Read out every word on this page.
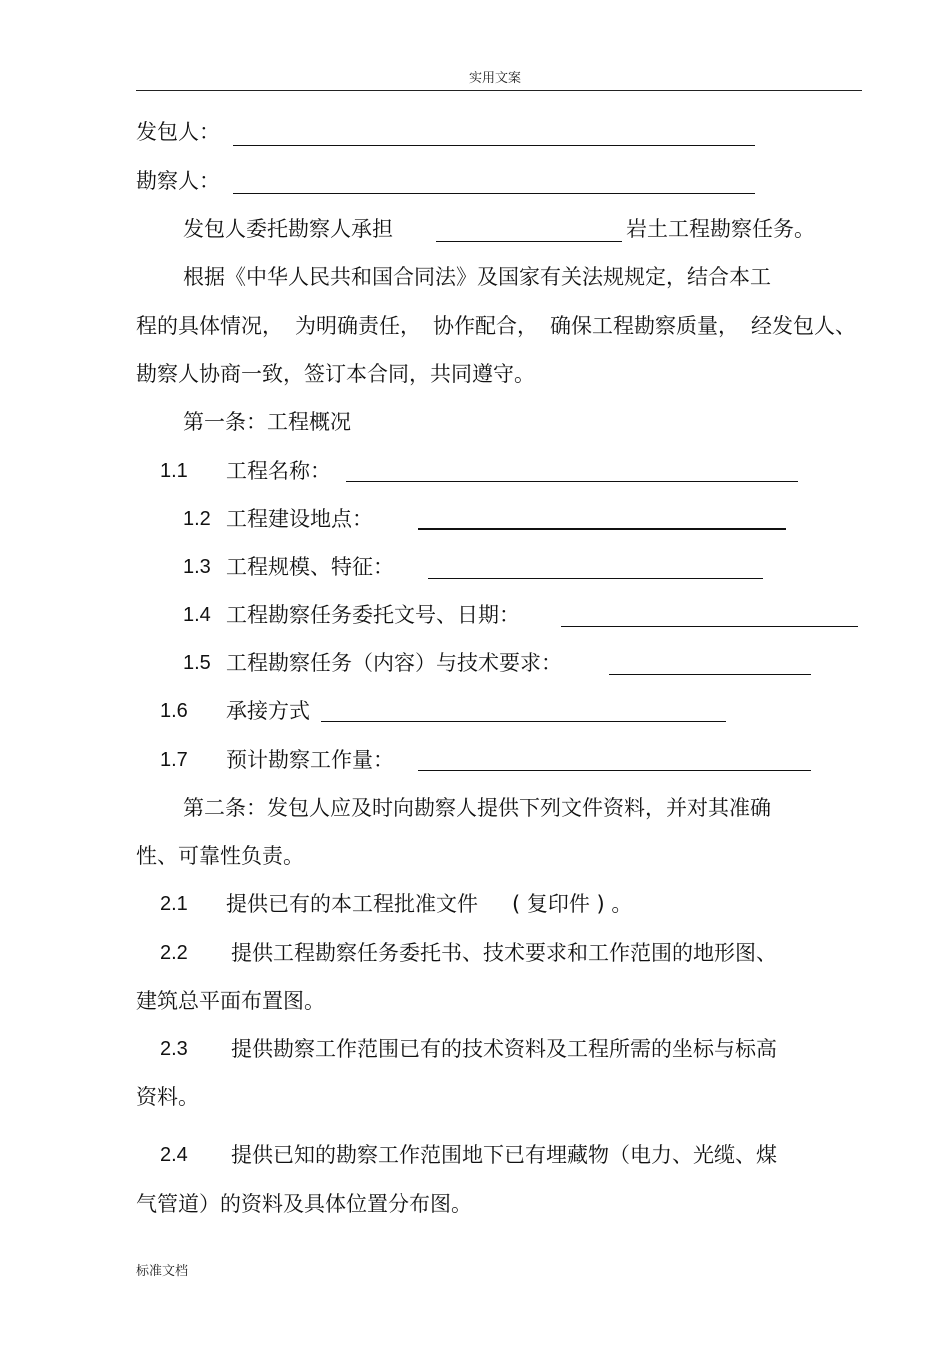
实用文案
发包人：
勘察人：
发包人委托勘察人承担	岩土工程勘察任务。
根据《中华人民共和国合同法》及国家有关法规规定，结合本工
程的具体情况， 为明确责任， 协作配合， 确保工程勘察质量， 经发包人、
勘察人协商一致，签订本合同，共同遵守。
第一条：工程概况
1.1 工程名称：
1.2 工程建设地点：
1.3 工程规模、特征：
1.4 工程勘察任务委托文号、日期：
1.5 工程勘察任务（内容）与技术要求：
1.6 承接方式
1.7 预计勘察工作量：
第二条：发包人应及时向勘察人提供下列文件资料，并对其准确
性、可靠性负责。
2.1 提供已有的本工程批准文件 ( 复印件 ) 。
2.2 提供工程勘察任务委托书、技术要求和工作范围的地形图、
建筑总平面布置图。
2.3 提供勘察工作范围已有的技术资料及工程所需的坐标与标高
资料。
2.4 提供已知的勘察工作范围地下已有埋藏物（电力、光缆、煤
气管道）的资料及具体位置分布图。
标准文档
